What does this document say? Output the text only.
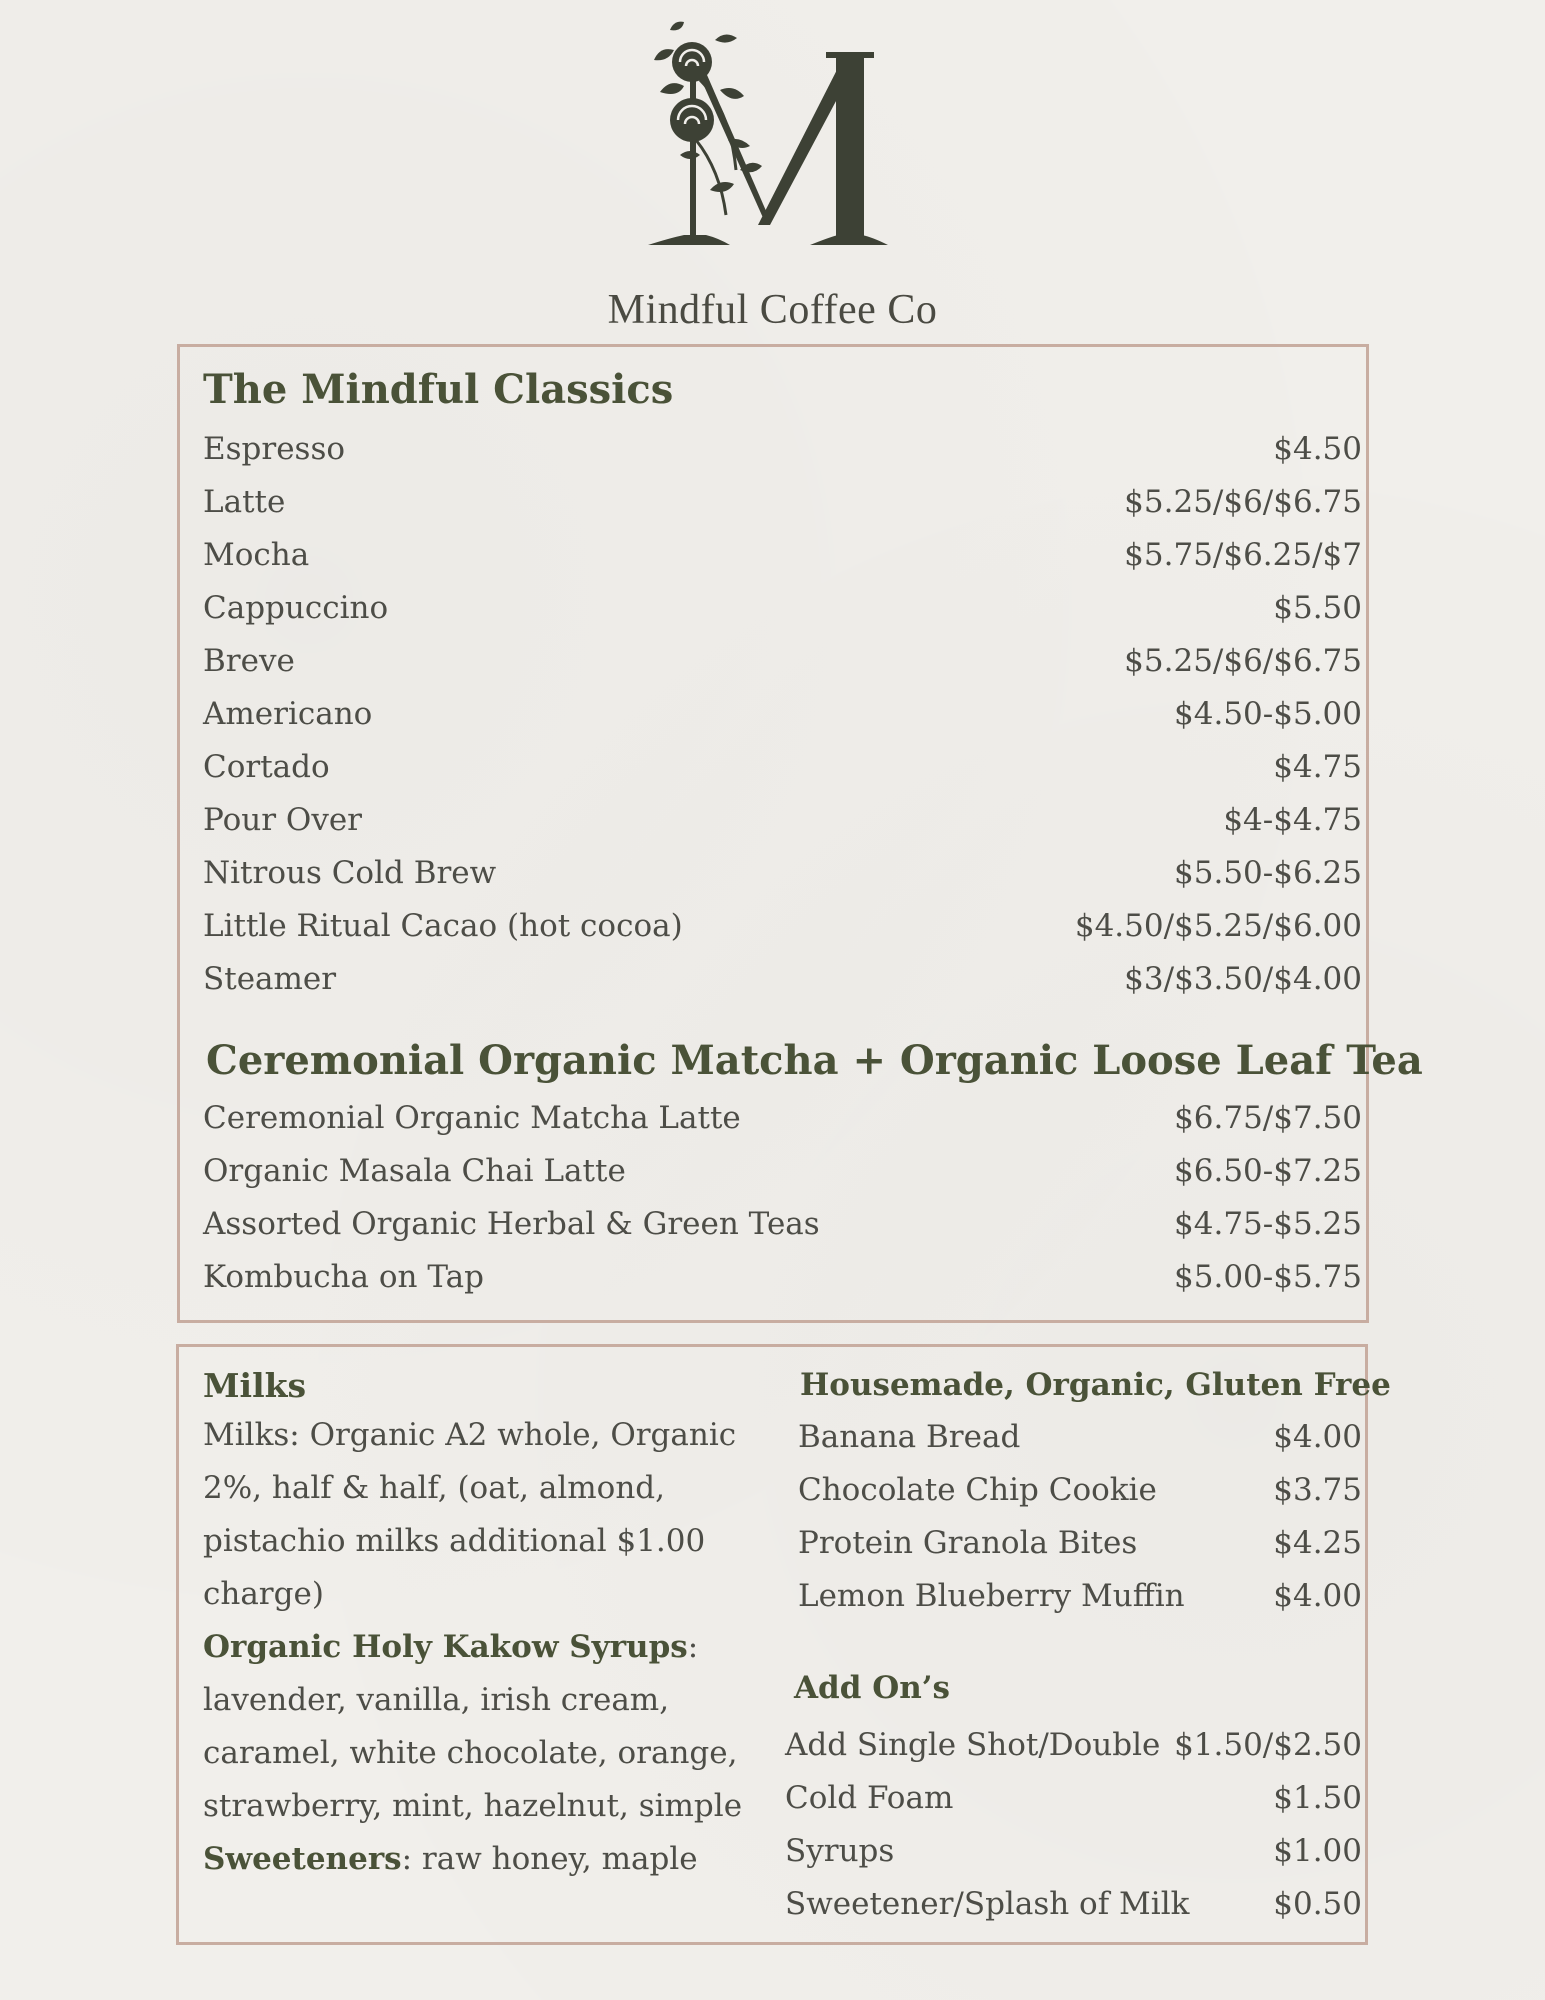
Mindful Coffee Co
The Mindful Classics
Espresso	$4.50
Latte	$5.25/$6/$6.75
Mocha	$5.75/$6.25/$7
Cappuccino	$5.50
Breve	$5.25/$6/$6.75
Americano	$4.50-$5.00
Cortado	$4.75
Pour Over	$4-$4.75
Nitrous Cold Brew	$5.50-$6.25
Little Ritual Cacao (hot cocoa)	$4.50/$5.25/$6.00
Steamer	$3/$3.50/$4.00
Ceremonial Organic Matcha + Organic Loose Leaf Tea
Ceremonial Organic Matcha Latte	$6.75/$7.50
Organic Masala Chai Latte	$6.50-$7.25
Assorted Organic Herbal & Green Teas	$4.75-$5.25
Kombucha on Tap	$5.00-$5.75
Milks
Milks: Organic A2 whole, Organic 2%, half & half, (oat, almond, pistachio milks additional $1.00 charge)
Organic Holy Kakow Syrups: lavender, vanilla, irish cream, caramel, white chocolate, orange, strawberry, mint, hazelnut, simple
Sweeteners: raw honey, maple
Housemade, Organic, Gluten Free
Banana Bread	$4.00
Chocolate Chip Cookie	$3.75
Protein Granola Bites	$4.25
Lemon Blueberry Muffin	$4.00
Add On’s
Add Single Shot/Double $1.50/$2.50
Cold Foam	$1.50
Syrups	$1.00
Sweetener/Splash of Milk	$0.50
